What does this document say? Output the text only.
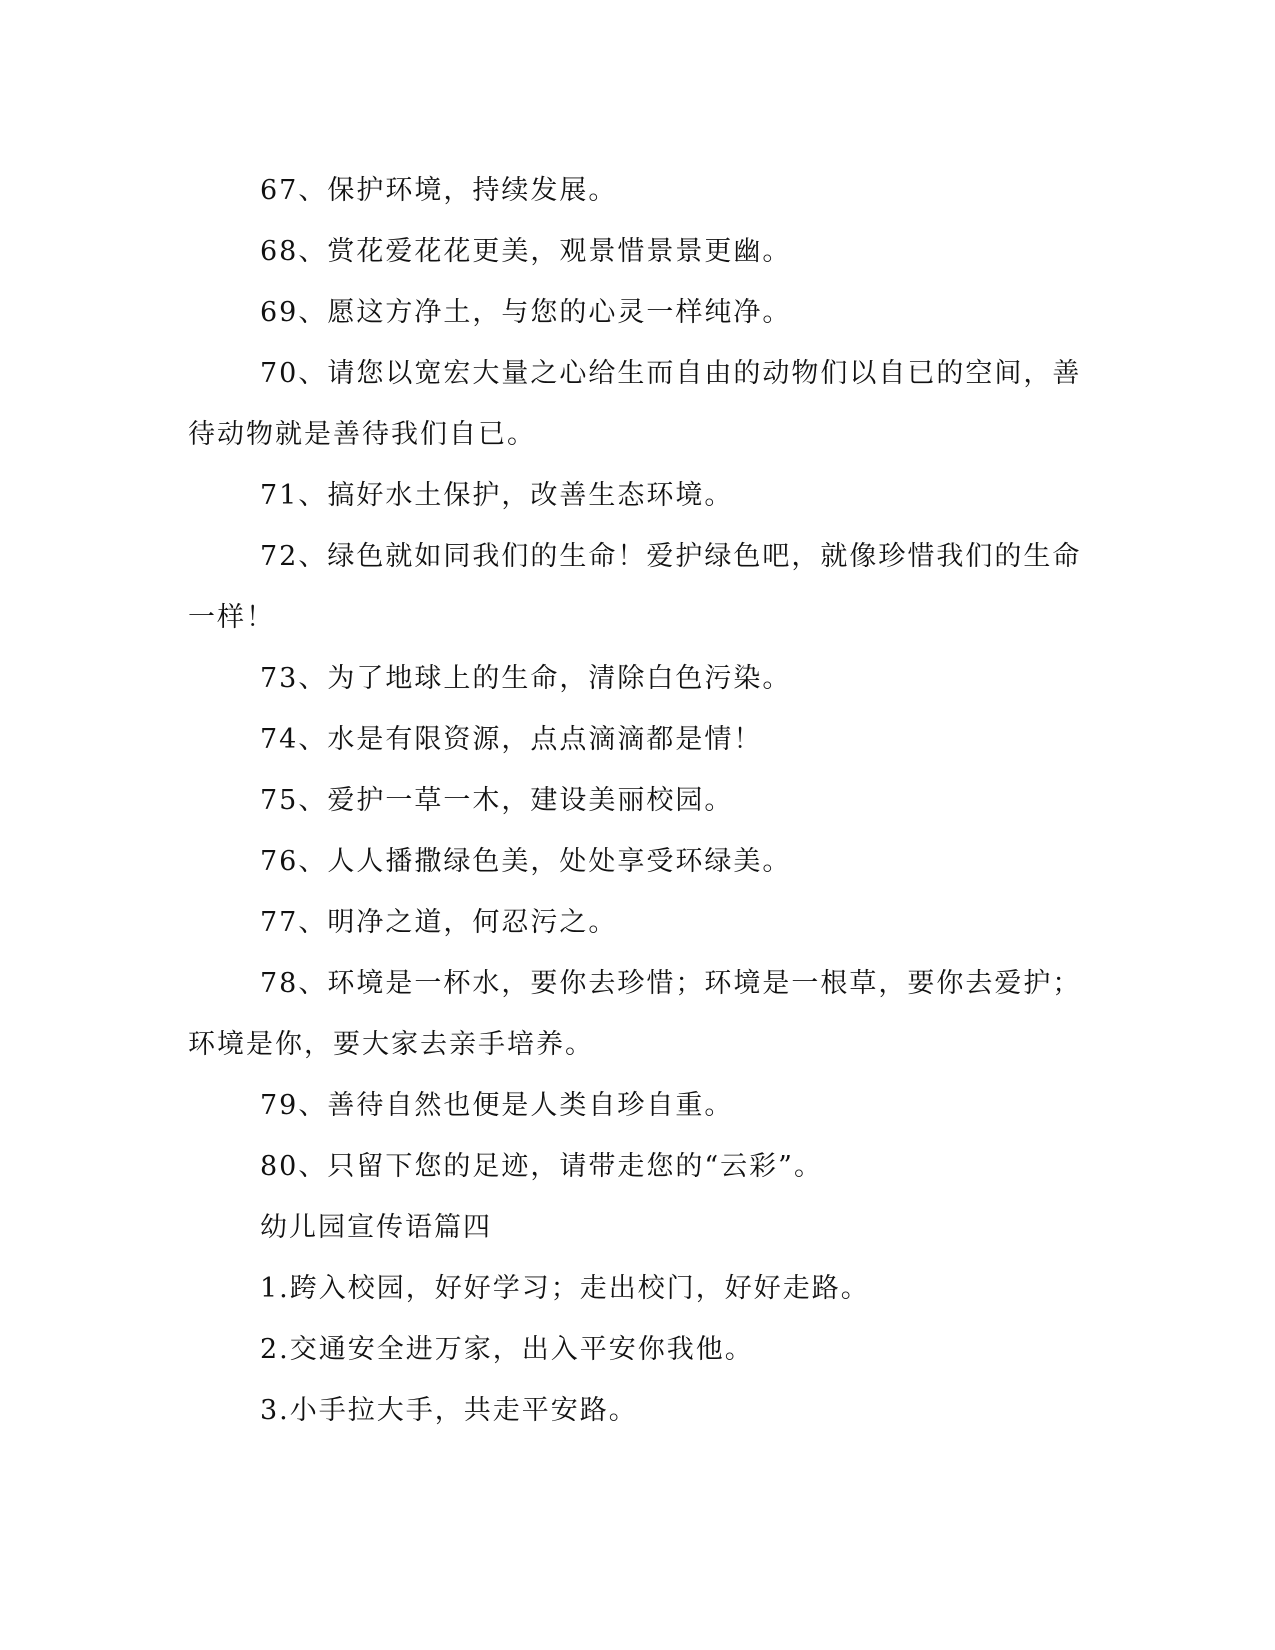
67、保护环境，持续发展。

68、赏花爱花花更美，观景惜景景更幽。

69、愿这方净土，与您的心灵一样纯净。

70、请您以宽宏大量之心给生而自由的动物们以自已的空间，善待动物就是善待我们自已。

71、搞好水土保护，改善生态环境。

72、绿色就如同我们的生命！爱护绿色吧，就像珍惜我们的生命一样！

73、为了地球上的生命，清除白色污染。

74、水是有限资源，点点滴滴都是情！

75、爱护一草一木，建设美丽校园。

76、人人播撒绿色美，处处享受环绿美。

77、明净之道，何忍污之。

78、环境是一杯水，要你去珍惜；环境是一根草，要你去爱护；环境是你，要大家去亲手培养。

79、善待自然也便是人类自珍自重。

80、只留下您的足迹，请带走您的“云彩”。

幼儿园宣传语篇四

1.跨入校园，好好学习；走出校门，好好走路。

2.交通安全进万家，出入平安你我他。

3.小手拉大手，共走平安路。
